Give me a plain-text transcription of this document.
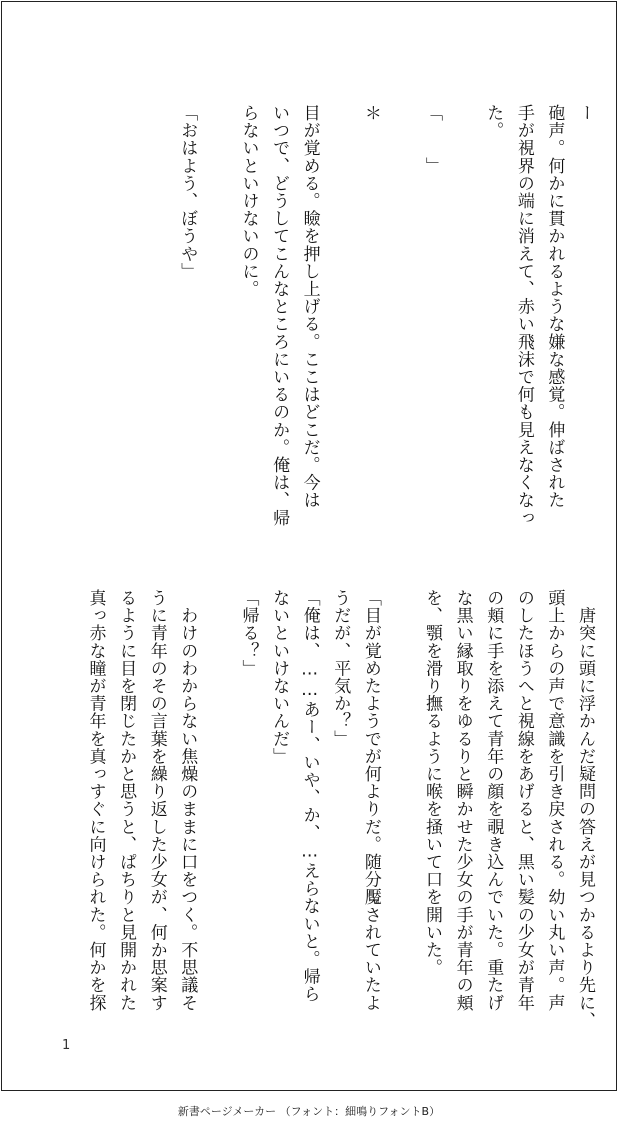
ー
砲声。何かに貫かれるような嫌な感覚。伸ばされた
手が視界の端に消えて、赤い飛沫で何も見えなくなっ
た。

「　　」

＊

目が覚める。瞼を押し上げる。ここはどこだ。今は
いつで、どうしてこんなところにいるのか。俺は、帰
らないといけないのに。

「おはよう、ぼうや」
　唐突に頭に浮かんだ疑問の答えが見つかるより先に、
頭上からの声で意識を引き戻される。幼い丸い声。声
のしたほうへと視線をあげると、黒い髪の少女が青年
の頬に手を添えて青年の顔を覗き込んでいた。重たげ
な黒い縁取りをゆるりと瞬かせた少女の手が青年の頬
を、顎を滑り撫るように喉を掻いて口を開いた。

「目が覚めたようでが何よりだ。随分魘されていたよ
うだが、平気か？」
「俺は、……あー、いや、か、…えらないと。帰ら
ないといけないんだ」
「帰る？」

　わけのわからない焦燥のままに口をつく。不思議そ
うに青年のその言葉を繰り返した少女が、何か思案す
るように目を閉じたかと思うと、ぱちりと見開かれた
真っ赤な瞳が青年を真っすぐに向けられた。何かを探
1
新書ページメーカー （フォント：細鳴りフォントB）
